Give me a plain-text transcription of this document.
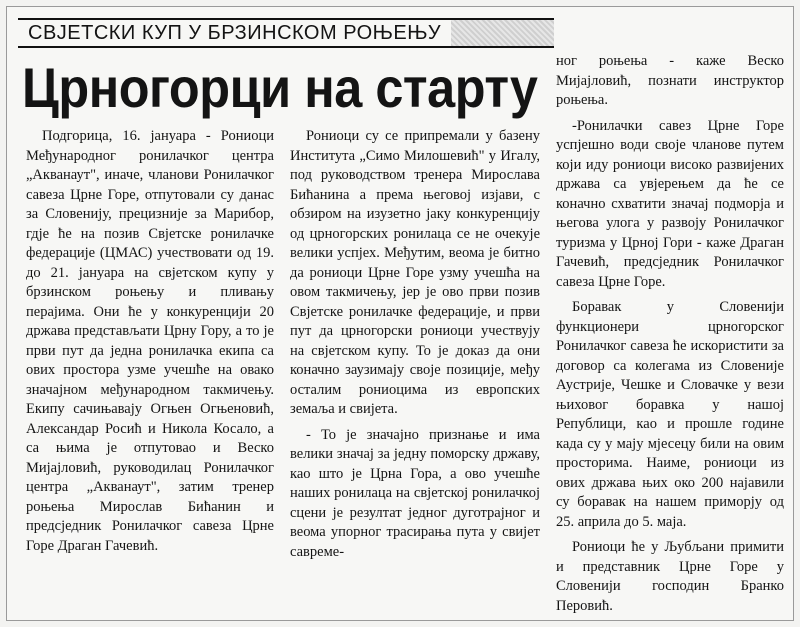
СВЈЕТСКИ КУП У БРЗИНСКОМ РОЊЕЊУ
Црногорци на старту

Подгорица, 16. јануара - Рониоци Међународног ронилачког центра „Акванаут", иначе, чланови Ронилачког савеза Црне Горе, отпутовали су данас за Словенију, прецизније за Марибор, гдје ће на позив Свјетске ронилачке федерације (ЦМАС) учествовати од 19. до 21. јануара на свјетском купу у брзинском роњењу и пливању перајима. Они ће у конкуренцији 20 држава представљати Црну Гору, а то је први пут да једна ронилачка екипа са ових простора узме учешће на овако значајном међународном такмичењу. Екипу сачињавају Огњен Огњеновић, Александар Росић и Никола Косало, а са њима је отпутовао и Веско Мијајловић, руководилац Ронилачког центра „Акванаут", затим тренер роњења Мирослав Бићанин и предсједник Ронилачког савеза Црне Горе Драган Гачевић.

Рониоци су се припремали у базену Института „Симо Милошевић" у Игалу, под руководством тренера Мирослава Бићанина а према његовој изјави, с обзиром на изузетно јаку конкуренцију од црногорских ронилаца се не очекује велики успјех. Међутим, веома је битно да рониоци Црне Горе узму учешћа на овом такмичењу, јер је ово први позив Свјетске ронилачке федерације, и први пут да црногорски рониоци учествују на свјетском купу. То је доказ да они коначно заузимају своје позиције, међу осталим рониоцима из европских земаља и свијета.

- То је значајно признање и има велики значај за једну поморску државу, као што је Црна Гора, а ово учешће наших ронилаца на свјетској ронилачкој сцени је резултат једног дуготрајног и веома упорног трасирања пута у свијет савреме-

ног роњења - каже Веско Мијајловић, познати инструктор роњења.

-Ронилачки савез Црне Горе успјешно води своје чланове путем који иду рониоци високо развијених држава са увјерењем да ће се коначно схватити значај подморја и његова улога у развоју Ронилачког туризма у Црној Гори - каже Драган Гачевић, предсједник Ронилачког савеза Црне Горе.

Боравак у Словенији функционери црногорског Ронилачког савеза ће искористити за договор са колегама из Словеније Аустрије, Чешке и Словачке у вези њиховог боравка у нашој Републици, као и прошле године када су у мају мјесецу били на овим просторима. Наиме, рониоци из ових држава њих око 200 најавили су боравак на нашем приморју од 25. априла до 5. маја.

Рониоци ће у Љубљани примити и представник Црне Горе у Словенији господин Бранко Перовић.
